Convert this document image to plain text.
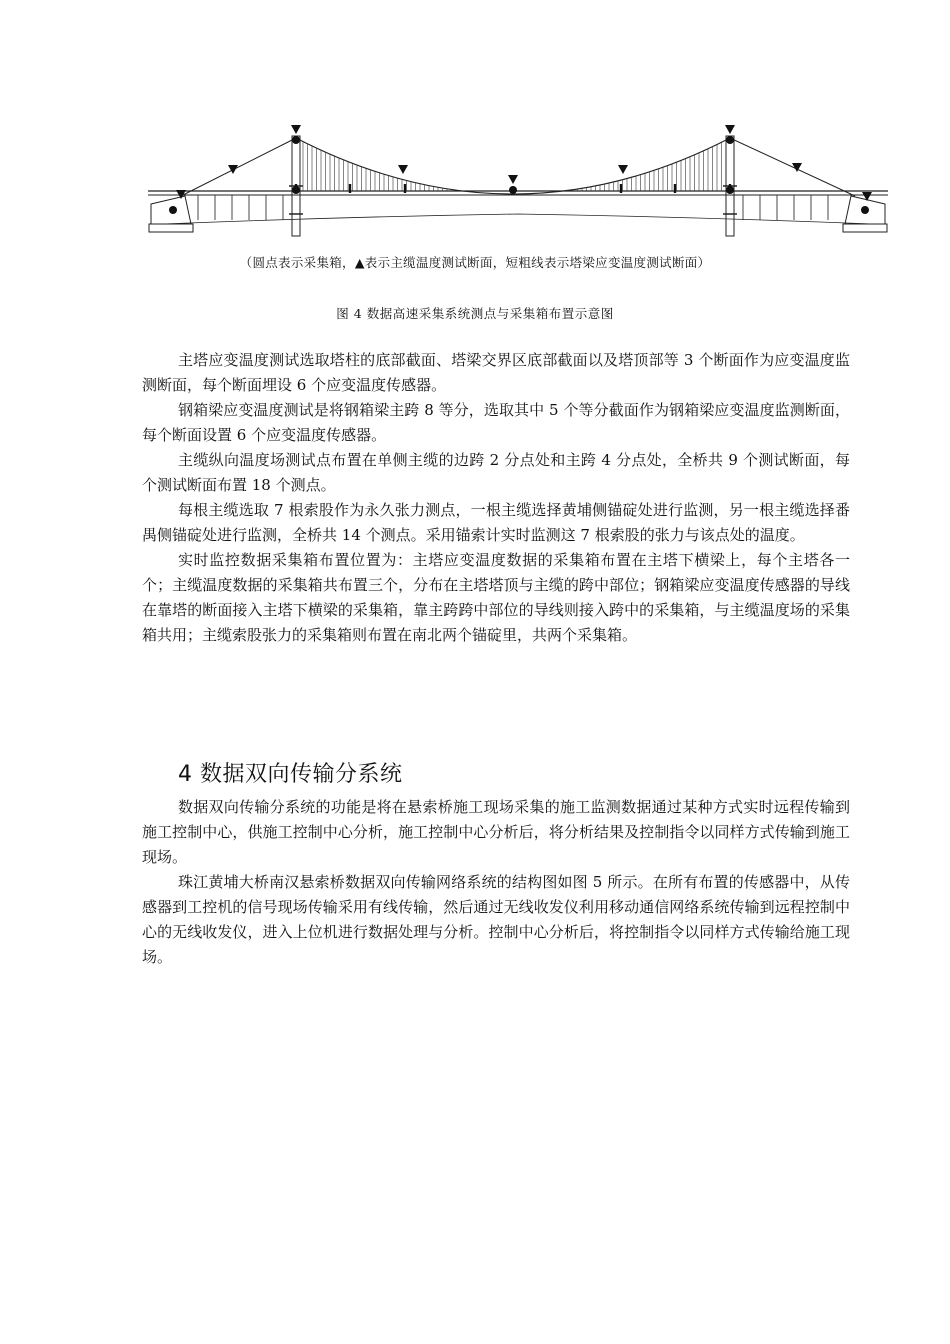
（圆点表示采集箱，▲表示主缆温度测试断面，短粗线表示塔梁应变温度测试断面）
图 4 数据高速采集系统测点与采集箱布置示意图

主塔应变温度测试选取塔柱的底部截面、塔梁交界区底部截面以及塔顶部等 3 个断面作为应变温度监测断面，每个断面埋设 6 个应变温度传感器。

钢箱梁应变温度测试是将钢箱梁主跨 8 等分，选取其中 5 个等分截面作为钢箱梁应变温度监测断面，每个断面设置 6 个应变温度传感器。

主缆纵向温度场测试点布置在单侧主缆的边跨 2 分点处和主跨 4 分点处，全桥共 9 个测试断面，每个测试断面布置 18 个测点。

每根主缆选取 7 根索股作为永久张力测点，一根主缆选择黄埔侧锚碇处进行监测，另一根主缆选择番禺侧锚碇处进行监测，全桥共 14 个测点。采用锚索计实时监测这 7 根索股的张力与该点处的温度。

实时监控数据采集箱布置位置为：主塔应变温度数据的采集箱布置在主塔下横梁上，每个主塔各一个；主缆温度数据的采集箱共布置三个，分布在主塔塔顶与主缆的跨中部位；钢箱梁应变温度传感器的导线在靠塔的断面接入主塔下横梁的采集箱，靠主跨跨中部位的导线则接入跨中的采集箱，与主缆温度场的采集箱共用；主缆索股张力的采集箱则布置在南北两个锚碇里，共两个采集箱。

4 数据双向传输分系统

数据双向传输分系统的功能是将在悬索桥施工现场采集的施工监测数据通过某种方式实时远程传输到施工控制中心，供施工控制中心分析，施工控制中心分析后，将分析结果及控制指令以同样方式传输到施工现场。

珠江黄埔大桥南汉悬索桥数据双向传输网络系统的结构图如图 5 所示。在所有布置的传感器中，从传感器到工控机的信号现场传输采用有线传输，然后通过无线收发仪利用移动通信网络系统传输到远程控制中心的无线收发仪，进入上位机进行数据处理与分析。控制中心分析后，将控制指令以同样方式传输给施工现场。
